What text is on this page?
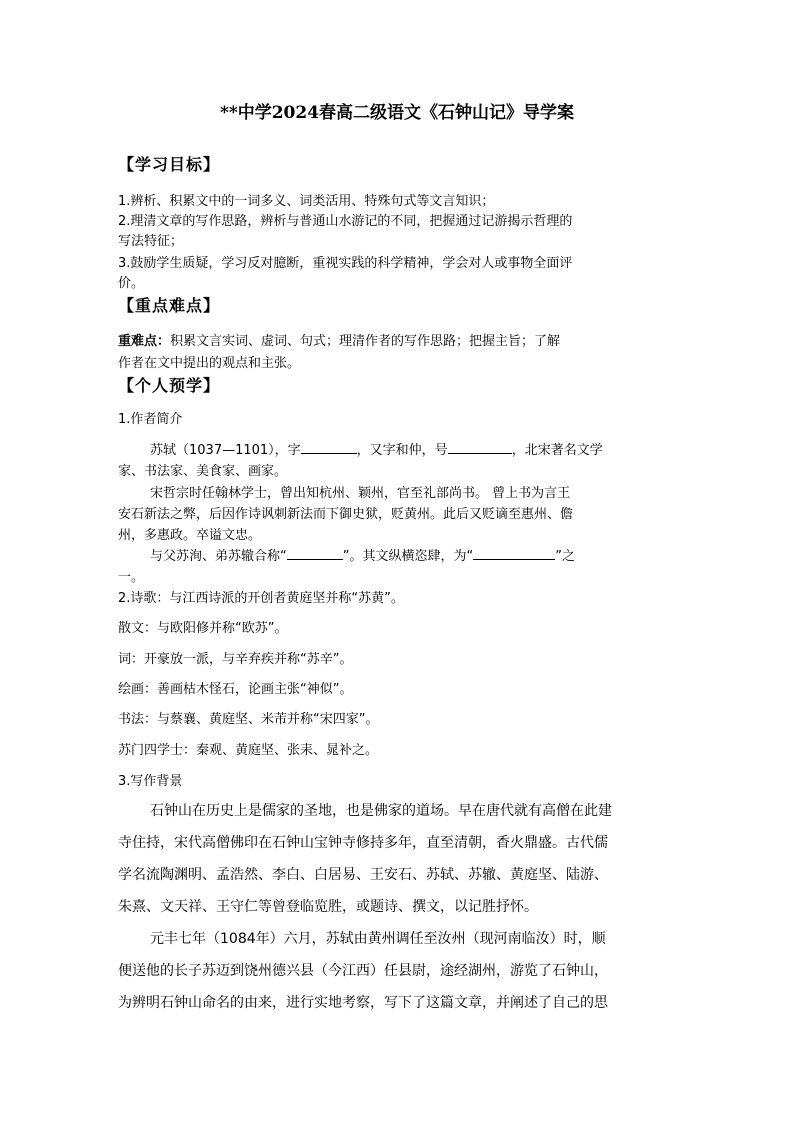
**中学2024春高二级语文《石钟山记》导学案
【学习目标】
1.辨析、积累文中的一词多义、词类活用、特殊句式等文言知识；
2.理清文章的写作思路，辨析与普通山水游记的不同，把握通过记游揭示哲理的
写法特征；
3.鼓励学生质疑，学习反对臆断，重视实践的科学精神，学会对人或事物全面评
价。
【重点难点】
重难点：积累文言实词、虚词、句式；理清作者的写作思路；把握主旨；了解
作者在文中提出的观点和主张。
【个人预学】
1.作者简介
苏轼（1037—1101），字	，又字和仲，号	，北宋著名文学
家、书法家、美食家、画家。
宋哲宗时任翰林学士，曾出知杭州、颖州，官至礼部尚书。 曾上书为言王
安石新法之弊，后因作诗讽刺新法而下御史狱，贬黄州。此后又贬谪至惠州、儋
州，多惠政。卒谥文忠。
与父苏洵、弟苏辙合称“	”。其文纵横恣肆，为“	”之
一。
2.诗歌：与江西诗派的开创者黄庭坚并称“苏黄”。
散文：与欧阳修并称“欧苏”。
词：开豪放一派，与辛弃疾并称“苏辛”。
绘画：善画枯木怪石，论画主张“神似”。
书法：与蔡襄、黄庭坚、米芾并称“宋四家”。
苏门四学士：秦观、黄庭坚、张耒、晁补之。
3.写作背景
石钟山在历史上是儒家的圣地，也是佛家的道场。早在唐代就有高僧在此建
寺住持，宋代高僧佛印在石钟山宝钟寺修持多年，直至清朝，香火鼎盛。古代儒
学名流陶渊明、孟浩然、李白、白居易、王安石、苏轼、苏辙、黄庭坚、陆游、
朱熹、文天祥、王守仁等曾登临览胜，或题诗、撰文，以记胜抒怀。
元丰七年（1084年）六月，苏轼由黄州调任至汝州（现河南临汝）时，顺
便送他的长子苏迈到饶州德兴县（今江西）任县尉，途经湖州，游览了石钟山，
为辨明石钟山命名的由来，进行实地考察，写下了这篇文章，并阐述了自己的思
